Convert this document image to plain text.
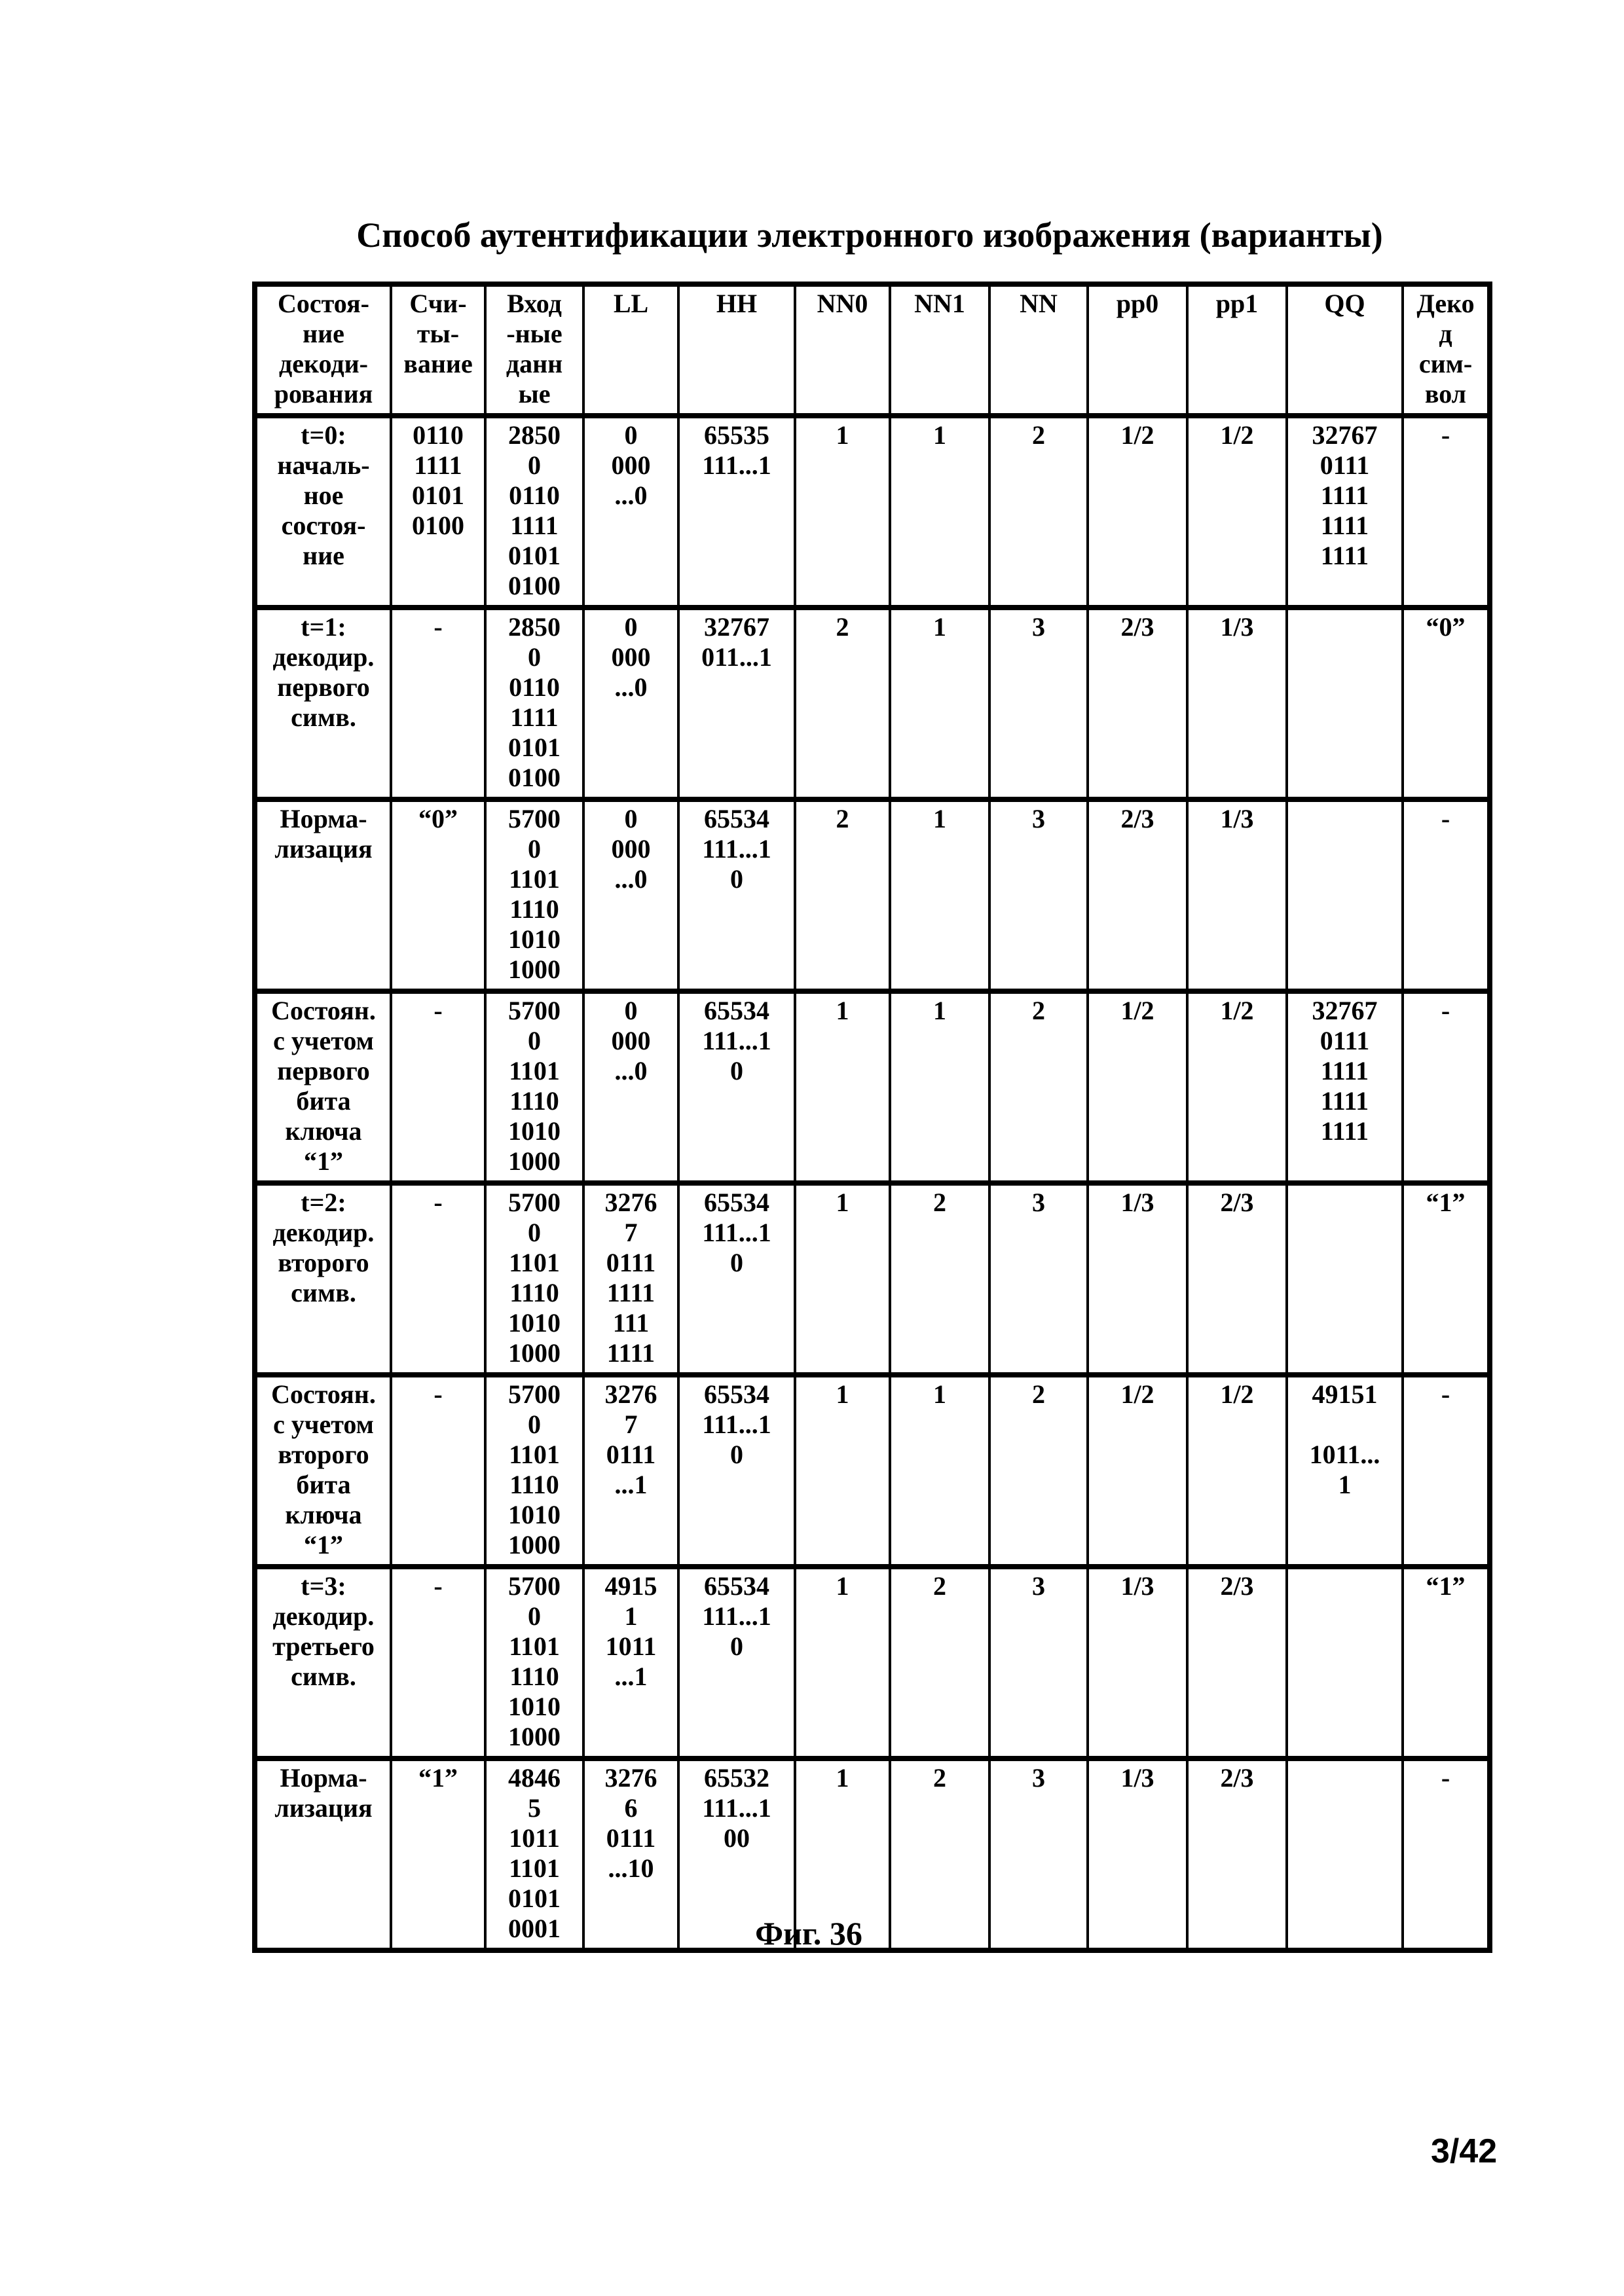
Способ аутентификации электронного изображения (варианты)
Состоя-
ние
декоди-
рования	Счи-
ты-
вание	Вход
-ные
данн
ые	LL	HH	NN0	NN1	NN	pp0	pp1	QQ	Деко
д
сим-
вол
t=0:
началь-
ное
состоя-
ние	0110
1111
0101
0100	2850
0
0110
1111
0101
0100	0
000
...0	65535
111...1	1	1	2	1/2	1/2	32767
0111
1111
1111
1111	-
t=1:
декодир.
первого
симв.	-	2850
0
0110
1111
0101
0100	0
000
...0	32767
011...1	2	1	3	2/3	1/3		“0”
Норма-
лизация	“0”	5700
0
1101
1110
1010
1000	0
000
...0	65534
111...1
0	2	1	3	2/3	1/3		-
Состоян.
с учетом
первого
бита
ключа
“1”	-	5700
0
1101
1110
1010
1000	0
000
...0	65534
111...1
0	1	1	2	1/2	1/2	32767
0111
1111
1111
1111	-
t=2:
декодир.
второго
симв.	-	5700
0
1101
1110
1010
1000	3276
7
0111
1111
111
1111	65534
111...1
0	1	2	3	1/3	2/3		“1”
Состоян.
с учетом
второго
бита
ключа
“1”	-	5700
0
1101
1110
1010
1000	3276
7
0111
...1	65534
111...1
0	1	1	2	1/2	1/2	49151

1011...
1	-
t=3:
декодир.
третьего
симв.	-	5700
0
1101
1110
1010
1000	4915
1
1011
...1	65534
111...1
0	1	2	3	1/3	2/3		“1”
Норма-
лизация	“1”	4846
5
1011
1101
0101
0001	3276
6
0111
...10	65532
111...1
00	1	2	3	1/3	2/3		-
Фиг. 36
3/42
